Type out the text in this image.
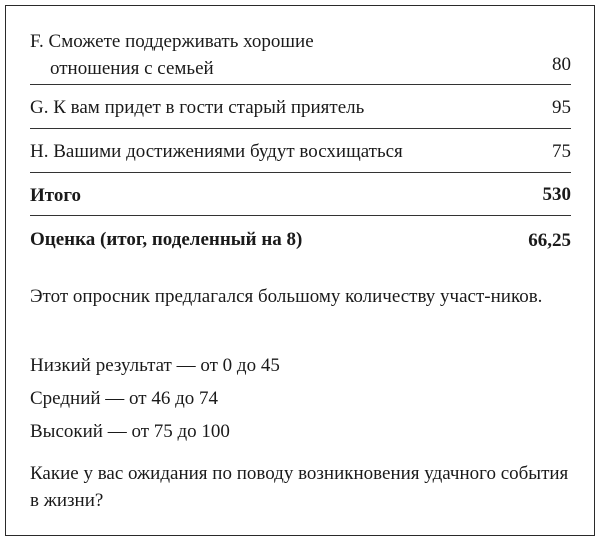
F. Сможете поддерживать хорошие
отношения с семьей	80
G. К вам придет в гости старый приятель	95
H. Вашими достижениями будут восхищаться	75
Итого	530
Оценка (итог, поделенный на 8)	66,25
Этот опросник предлагался большому количеству участ-ников.
Низкий результат — от 0 до 45
Средний — от 46 до 74
Высокий — от 75 до 100
Какие у вас ожидания по поводу возникновения удачного события в жизни?
